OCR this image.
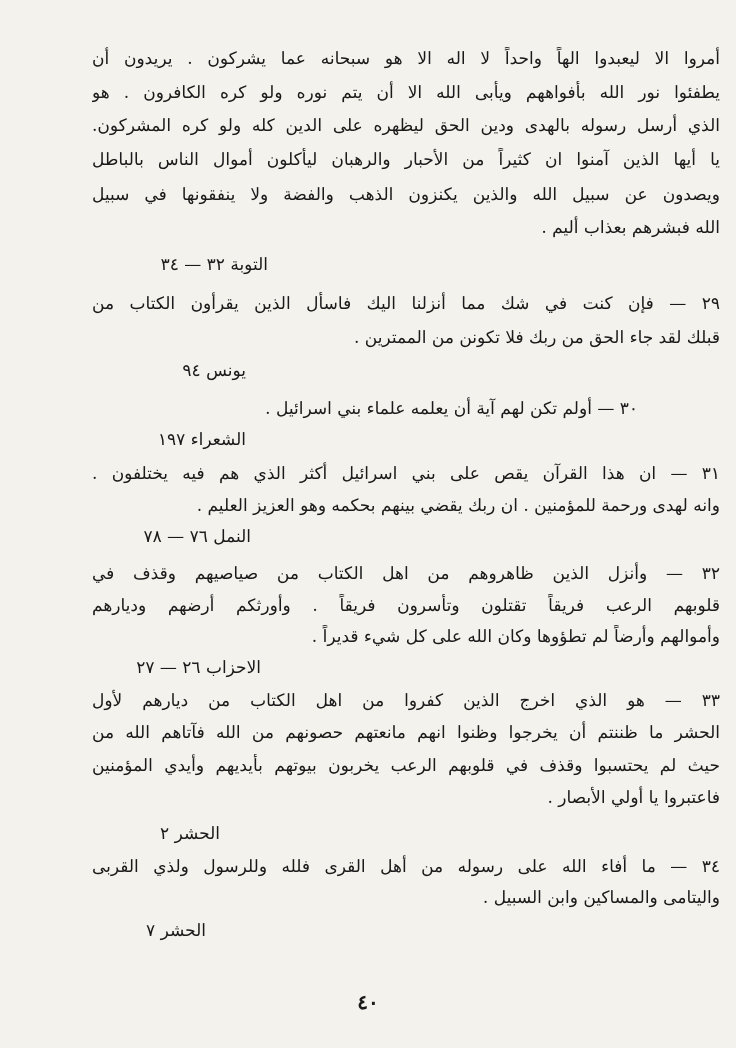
أمروا الا ليعبدوا الهاً واحداً لا اله الا هو سبحانه عما يشركون . يريدون أن
يطفئوا نور الله بأفواههم ويأبى الله الا أن يتم نوره ولو كره الكافرون . هو
الذي أرسل رسوله بالهدى ودين الحق ليظهره على الدين كله ولو كره المشركون.
يا أيها الذين آمنوا ان كثيراً من الأحبار والرهبان ليأكلون أموال الناس بالباطل
ويصدون عن سبيل الله والذين يكنزون الذهب والفضة ولا ينفقونها في سبيل
الله فبشرهم بعذاب أليم .
التوبة ٣٢ — ٣٤
٢٩ — فإن كنت في شك مما أنزلنا اليك فاسأل الذين يقرأون الكتاب من
قبلك لقد جاء الحق من ربك فلا تكونن من الممترين .
يونس ٩٤
٣٠ — أولم تكن لهم آية أن يعلمه علماء بني اسرائيل .
الشعراء ١٩٧
٣١ — ان هذا القرآن يقص على بني اسرائيل أكثر الذي هم فيه يختلفون .
وانه لهدى ورحمة للمؤمنين . ان ربك يقضي بينهم بحكمه وهو العزيز العليم .
النمل ٧٦ — ٧٨
٣٢ — وأنزل الذين ظاهروهم من اهل الكتاب من صياصيهم وقذف في
قلوبهم الرعب فريقاً تقتلون وتأسرون فريقاً . وأورثكم أرضهم وديارهم
وأموالهم وأرضاً لم تطؤوها وكان الله على كل شيء قديراً .
الاحزاب ٢٦ — ٢٧
٣٣ — هو الذي اخرج الذين كفروا من اهل الكتاب من ديارهم لأول
الحشر ما ظننتم أن يخرجوا وظنوا انهم مانعتهم حصونهم من الله فآتاهم الله من
حيث لم يحتسبوا وقذف في قلوبهم الرعب يخربون بيوتهم بأيديهم وأيدي المؤمنين
فاعتبروا يا أولي الأبصار .
الحشر ٢
٣٤ — ما أفاء الله على رسوله من أهل القرى فلله وللرسول ولذي القربى
واليتامى والمساكين وابن السبيل .
الحشر ٧
٤٠
